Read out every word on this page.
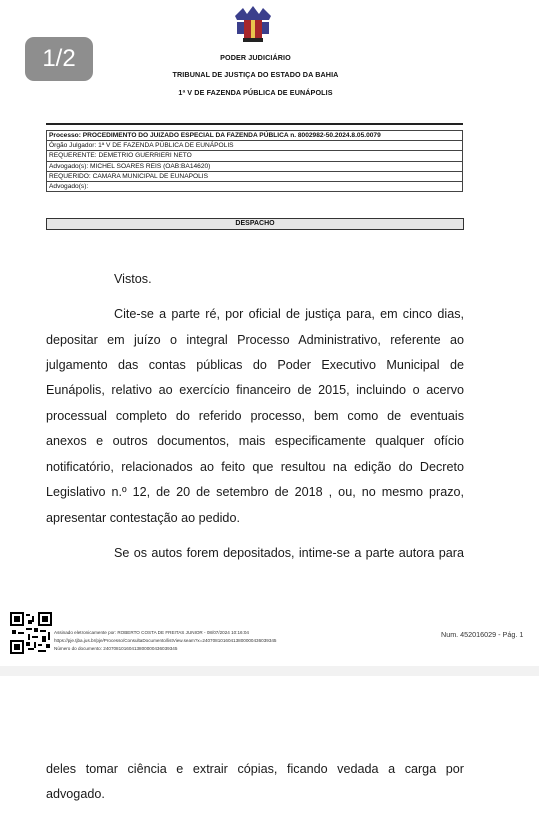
1/2	PODER JUDICIÁRIO
TRIBUNAL DE JUSTIÇA DO ESTADO DA BAHIA
1ª V DE FAZENDA PÚBLICA DE EUNÁPOLIS
Processo: PROCEDIMENTO DO JUIZADO ESPECIAL DA FAZENDA PÚBLICA n. 8002982-50.2024.8.05.0079
Órgão Julgador: 1ª V DE FAZENDA PÚBLICA DE EUNÁPOLIS
REQUERENTE: DEMETRIO GUERRIERI NETO
Advogado(s): MICHEL SOARES REIS (OAB:BA14620)
REQUERIDO: CAMARA MUNICIPAL DE EUNAPOLIS
Advogado(s):
DESPACHO
Vistos.
Cite-se a parte ré, por oficial de justiça para, em cinco dias,
depositar em juízo o integral Processo Administrativo, referente ao
julgamento das contas públicas do Poder Executivo Municipal de
Eunápolis, relativo ao exercício financeiro de 2015, incluindo o acervo
processual completo do referido processo, bem como de eventuais
anexos e outros documentos, mais especificamente qualquer ofício
notificatório, relacionados ao feito que resultou na edição do Decreto
Legislativo n.º 12, de 20 de setembro de 2018 , ou, no mesmo prazo,
apresentar contestação ao pedido.
Se os autos forem depositados, intime-se a parte autora para
Assinado eletronicamente por: ROBERTO COSTA DE FREITAS JUNIOR - 08/07/2024 10:16:04
https://pje.tjba.jus.br/pje/Processo/ConsultaDocumento/listView.seam?x=24070810160413800000436039345
Número do documento: 24070810160413800000436039345
Num. 452016029 - Pág. 1
deles tomar ciência e extrair cópias, ficando vedada a carga por
advogado.
